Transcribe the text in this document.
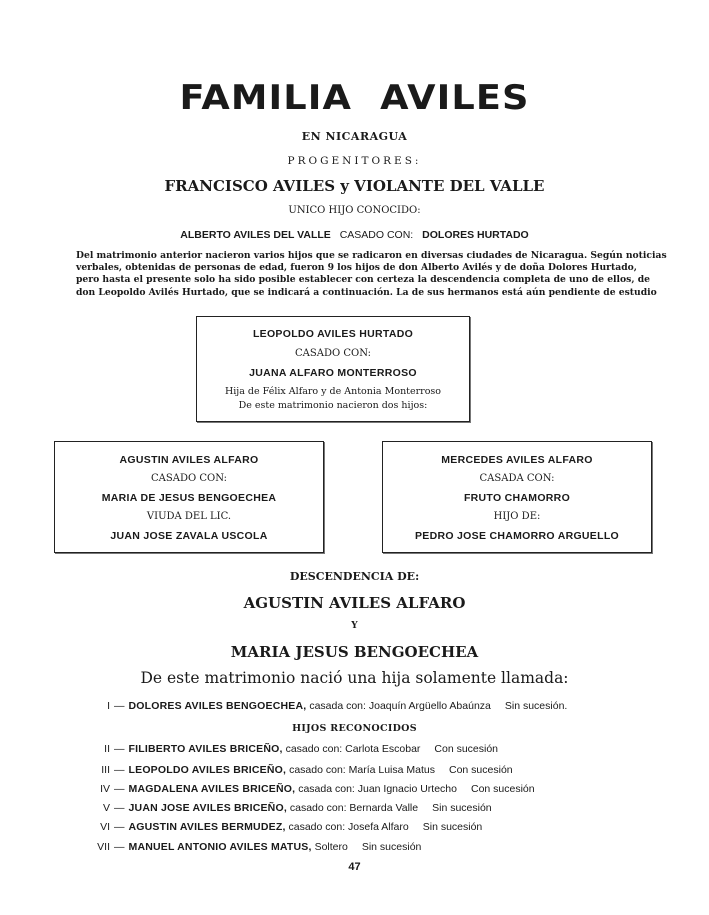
FAMILIA AVILES
EN NICARAGUA
PROGENITORES:
FRANCISCO AVILES y VIOLANTE DEL VALLE
UNICO HIJO CONOCIDO:
ALBERTO AVILES DEL VALLE CASADO CON: DOLORES HURTADO
Del matrimonio anterior nacieron varios hijos que se radicaron en diversas ciudades de Nicaragua. Según noticias
verbales, obtenidas de personas de edad, fueron 9 los hijos de don Alberto Avilés y de doña Dolores Hurtado,
pero hasta el presente solo ha sido posible establecer con certeza la descendencia completa de uno de ellos, de
don Leopoldo Avilés Hurtado, que se indicará a continuación. La de sus hermanos está aún pendiente de estudio
LEOPOLDO AVILES HURTADO
CASADO CON:
JUANA ALFARO MONTERROSO
Hija de Félix Alfaro y de Antonia Monterroso
De este matrimonio nacieron dos hijos:
AGUSTIN AVILES ALFARO
CASADO CON:
MARIA DE JESUS BENGOECHEA
VIUDA DEL LIC.
JUAN JOSE ZAVALA USCOLA
MERCEDES AVILES ALFARO
CASADA CON:
FRUTO CHAMORRO
HIJO DE:
PEDRO JOSE CHAMORRO ARGUELLO
DESCENDENCIA DE:
AGUSTIN AVILES ALFARO
Y
MARIA JESUS BENGOECHEA
De este matrimonio nació una hija solamente llamada:
I — DOLORES AVILES BENGOECHEA, casada con: Joaquín Argüello Abaúnza Sin sucesión.
HIJOS RECONOCIDOS
II — FILIBERTO AVILES BRICEÑO, casado con: Carlota Escobar Con sucesión
III — LEOPOLDO AVILES BRICEÑO, casado con: María Luisa Matus Con sucesión
IV — MAGDALENA AVILES BRICEÑO, casada con: Juan Ignacio Urtecho Con sucesión
V — JUAN JOSE AVILES BRICEÑO, casado con: Bernarda Valle Sin sucesión
VI — AGUSTIN AVILES BERMUDEZ, casado con: Josefa Alfaro Sin sucesión
VII — MANUEL ANTONIO AVILES MATUS, Soltero Sin sucesión
47
